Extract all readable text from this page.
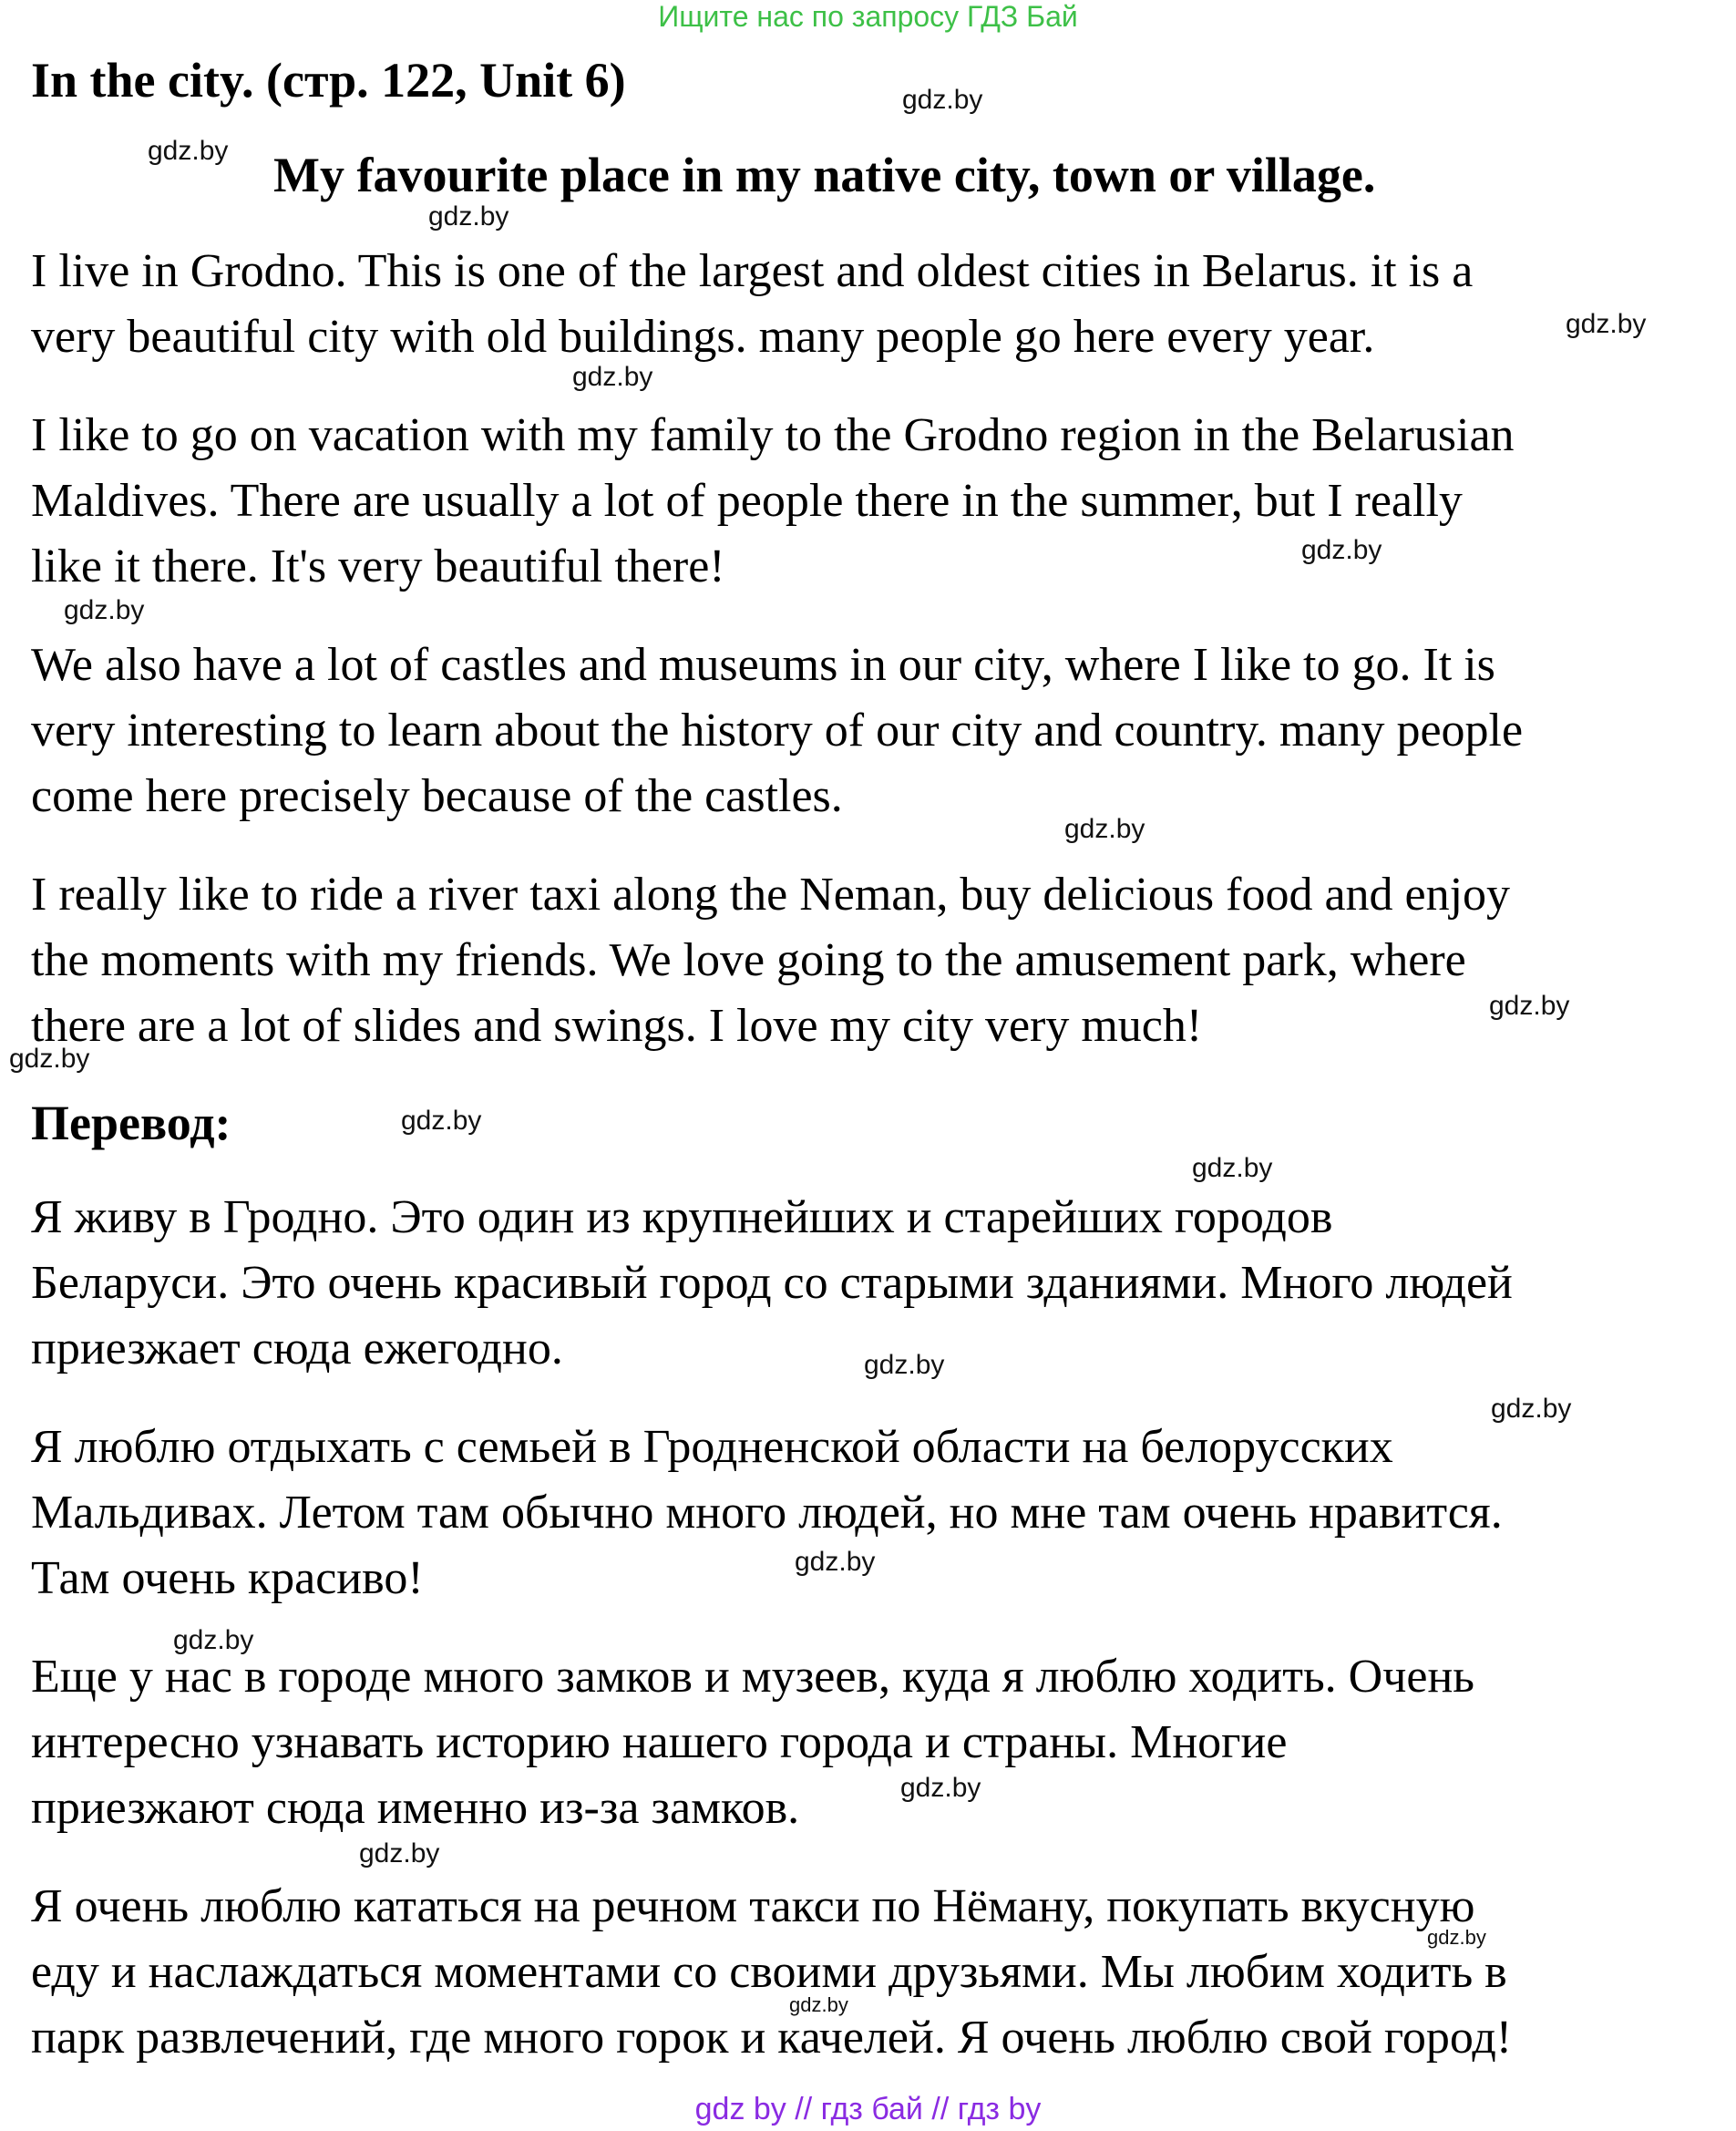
Ищите нас по запросу ГДЗ Бай
In the city. (стр. 122, Unit 6)
My favourite place in my native city, town or village.

I live in Grodno. This is one of the largest and oldest cities in Belarus. it is a
very beautiful city with old buildings. many people go here every year.

I like to go on vacation with my family to the Grodno region in the Belarusian
Maldives. There are usually a lot of people there in the summer, but I really
like it there. It's very beautiful there!

We also have a lot of castles and museums in our city, where I like to go. It is
very interesting to learn about the history of our city and country. many people
come here precisely because of the castles.

I really like to ride a river taxi along the Neman, buy delicious food and enjoy
the moments with my friends. We love going to the amusement park, where
there are a lot of slides and swings. I love my city very much!

Перевод:

Я живу в Гродно. Это один из крупнейших и старейших городов
Беларуси. Это очень красивый город со старыми зданиями. Много людей
приезжает сюда ежегодно.

Я люблю отдыхать с семьей в Гродненской области на белорусских
Мальдивах. Летом там обычно много людей, но мне там очень нравится.
Там очень красиво!

Еще у нас в городе много замков и музеев, куда я люблю ходить. Очень
интересно узнавать историю нашего города и страны. Многие
приезжают сюда именно из-за замков.

Я очень люблю кататься на речном такси по Нёману, покупать вкусную
еду и наслаждаться моментами со своими друзьями. Мы любим ходить в
парк развлечений, где много горок и качелей. Я очень люблю свой город!

gdz.by
gdz.by
gdz.by
gdz.by
gdz.by
gdz.by
gdz.by
gdz.by
gdz.by
gdz.by
gdz.by
gdz.by
gdz.by
gdz.by
gdz.by
gdz.by
gdz.by
gdz.by
gdz.by
gdz.by
gdz by // гдз бай // гдз by
